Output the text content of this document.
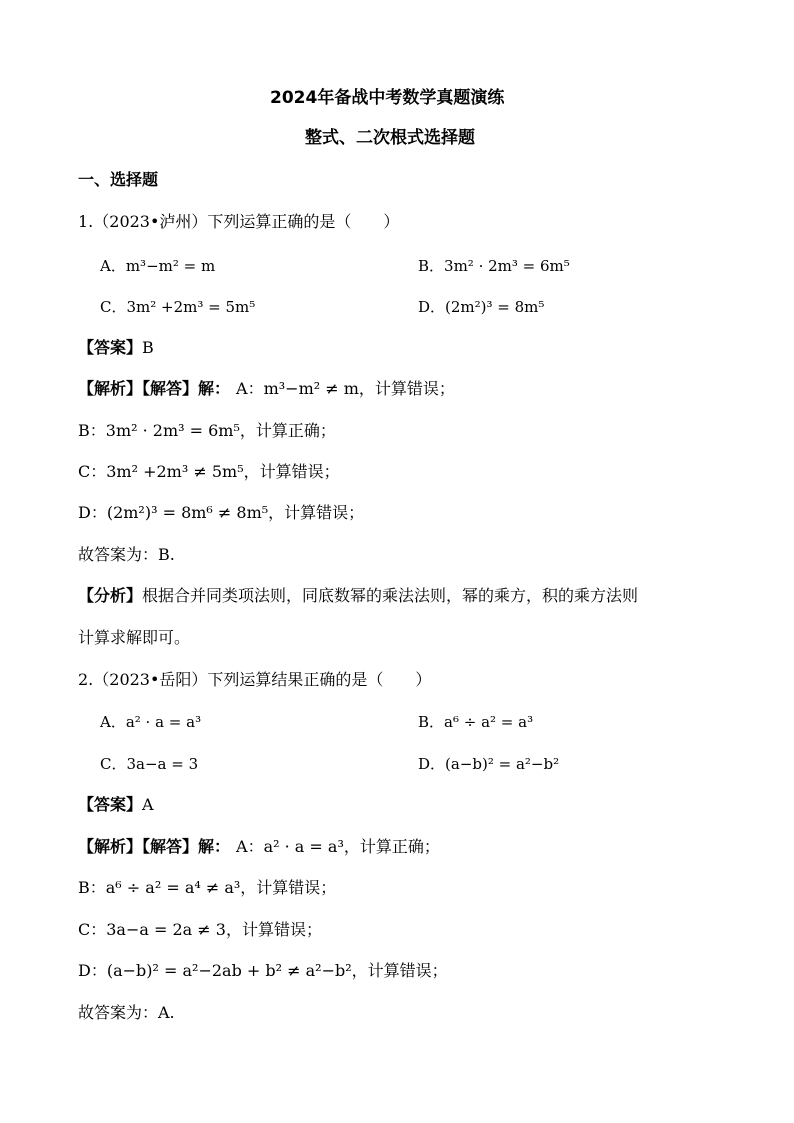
2024年备战中考数学真题演练
整式、二次根式选择题
一、选择题
1.（2023•泸州）下列运算正确的是（　　）
A．m³−m² = m	B．3m² · 2m³ = 6m⁵
C．3m² +2m³ = 5m⁵	D．(2m²)³ = 8m⁵
【答案】B
【解析】【解答】解： A：m³−m² ≠ m，计算错误；
B：3m² · 2m³ = 6m⁵，计算正确；
C：3m² +2m³ ≠ 5m⁵，计算错误；
D：(2m²)³ = 8m⁶ ≠ 8m⁵，计算错误；
故答案为：B.
【分析】根据合并同类项法则，同底数幂的乘法法则，幂的乘方，积的乘方法则
计算求解即可。
2.（2023•岳阳）下列运算结果正确的是（　　）
A．a² · a = a³	B．a⁶ ÷ a² = a³
C．3a−a = 3	D．(a−b)² = a²−b²
【答案】A
【解析】【解答】解： A：a² · a = a³，计算正确；
B：a⁶ ÷ a² = a⁴ ≠ a³，计算错误；
C：3a−a = 2a ≠ 3，计算错误；
D：(a−b)² = a²−2ab + b² ≠ a²−b²，计算错误；
故答案为：A.
